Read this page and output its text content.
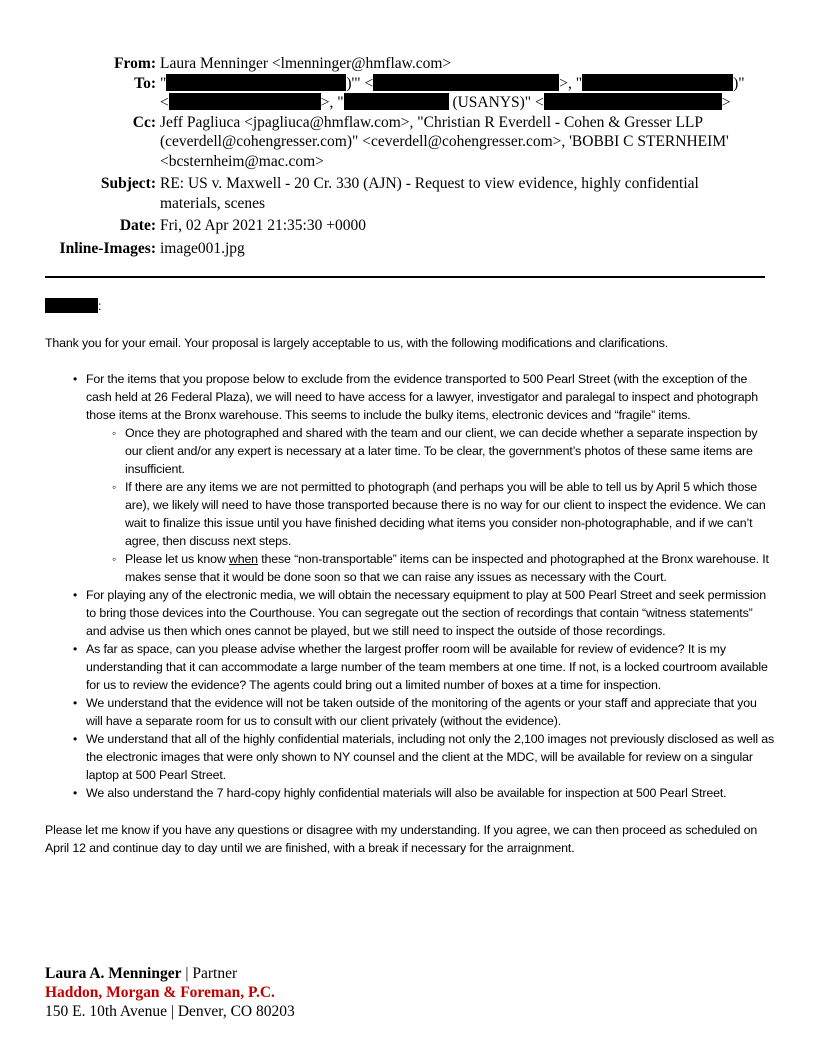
From: Laura Menninger <lmenninger@hmflaw.com>
To: "	)'" <	>, "	)"
<	>, "	(USANYS)" <	>
Cc: Jeff Pagliuca <jpagliuca@hmflaw.com>, "Christian R Everdell - Cohen & Gresser LLP (ceverdell@cohengresser.com)" <ceverdell@cohengresser.com>, 'BOBBI C STERNHEIM' <bcsternheim@mac.com>
Subject: RE: US v. Maxwell - 20 Cr. 330 (AJN) - Request to view evidence, highly confidential materials, scenes
Date: Fri, 02 Apr 2021 21:35:30 +0000
Inline-Images: image001.jpg
:

Thank you for your email. Your proposal is largely acceptable to us, with the following modifications and clarifications.

• For the items that you propose below to exclude from the evidence transported to 500 Pearl Street (with the exception of the cash held at 26 Federal Plaza), we will need to have access for a lawyer, investigator and paralegal to inspect and photograph those items at the Bronx warehouse. This seems to include the bulky items, electronic devices and “fragile” items.
◦ Once they are photographed and shared with the team and our client, we can decide whether a separate inspection by our client and/or any expert is necessary at a later time. To be clear, the government’s photos of these same items are insufficient.
◦ If there are any items we are not permitted to photograph (and perhaps you will be able to tell us by April 5 which those are), we likely will need to have those transported because there is no way for our client to inspect the evidence. We can wait to finalize this issue until you have finished deciding what items you consider non-photographable, and if we can’t agree, then discuss next steps.
◦ Please let us know when these “non-transportable” items can be inspected and photographed at the Bronx warehouse. It makes sense that it would be done soon so that we can raise any issues as necessary with the Court.
• For playing any of the electronic media, we will obtain the necessary equipment to play at 500 Pearl Street and seek permission to bring those devices into the Courthouse. You can segregate out the section of recordings that contain “witness statements” and advise us then which ones cannot be played, but we still need to inspect the outside of those recordings.
• As far as space, can you please advise whether the largest proffer room will be available for review of evidence? It is my understanding that it can accommodate a large number of the team members at one time. If not, is a locked courtroom available for us to review the evidence? The agents could bring out a limited number of boxes at a time for inspection.
• We understand that the evidence will not be taken outside of the monitoring of the agents or your staff and appreciate that you will have a separate room for us to consult with our client privately (without the evidence).
• We understand that all of the highly confidential materials, including not only the 2,100 images not previously disclosed as well as the electronic images that were only shown to NY counsel and the client at the MDC, will be available for review on a singular laptop at 500 Pearl Street.
• We also understand the 7 hard-copy highly confidential materials will also be available for inspection at 500 Pearl Street.

Please let me know if you have any questions or disagree with my understanding. If you agree, we can then proceed as scheduled on April 12 and continue day to day until we are finished, with a break if necessary for the arraignment.

Laura A. Menninger | Partner
Haddon, Morgan & Foreman, P.C.
150 E. 10th Avenue | Denver, CO 80203
